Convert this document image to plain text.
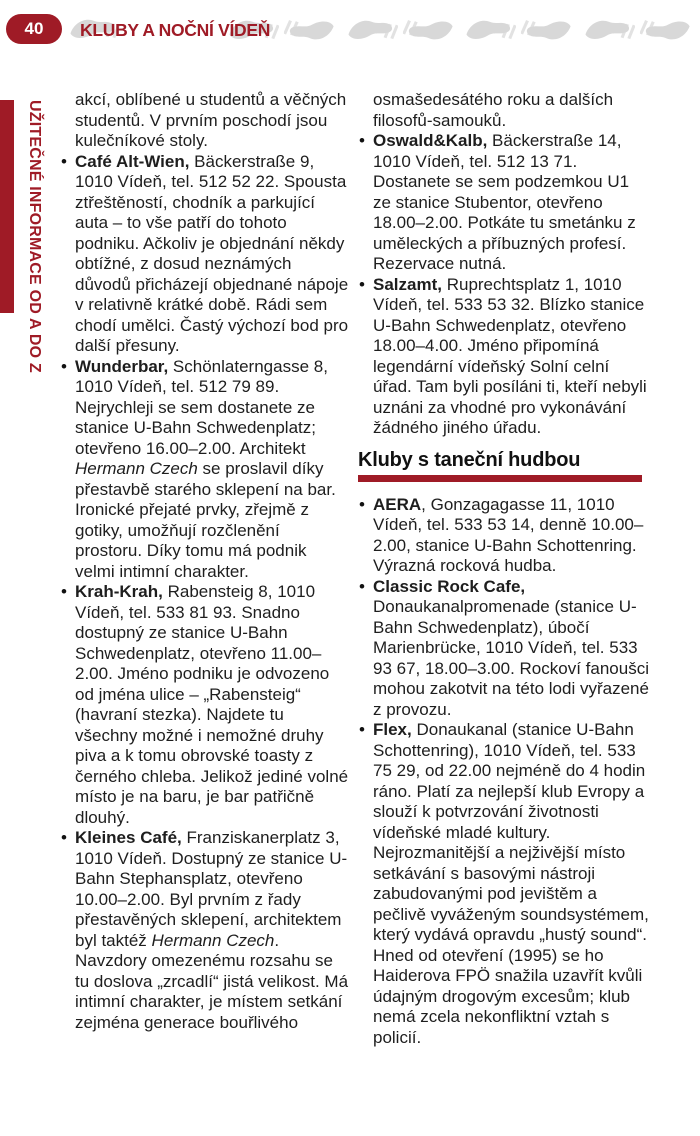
40 KLUBY A NOČNÍ VÍDEŇ
UŽITEČNÉ INFORMACE OD A DO Z

akcí, oblíbené u studentů a věčných studentů. V prvním poschodí jsou kulečníkové stoly.

• Café Alt-Wien, Bäckerstraße 9, 1010 Vídeň, tel. 512 52 22. Spousta ztřeštěností, chodník a parkující auta – to vše patří do tohoto podniku. Ačkoliv je objednání někdy obtížné, z dosud neznámých důvodů přicházejí objednané nápoje v relativně krátké době. Rádi sem chodí umělci. Častý výchozí bod pro další přesuny.

• Wunderbar, Schönlaterngasse 8, 1010 Vídeň, tel. 512 79 89. Nejrychleji se sem dostanete ze stanice U-Bahn Schwedenplatz; otevřeno 16.00–2.00. Architekt Hermann Czech se proslavil díky přestavbě starého sklepení na bar. Ironické přejaté prvky, zřejmě z gotiky, umožňují rozčlenění prostoru. Díky tomu má podnik velmi intimní charakter.

• Krah-Krah, Rabensteig 8, 1010 Vídeň, tel. 533 81 93. Snadno dostupný ze stanice U-Bahn Schwedenplatz, otevřeno 11.00–2.00. Jméno podniku je odvozeno od jména ulice – „Rabensteig“ (havraní stezka). Najdete tu všechny možné i nemožné druhy piva a k tomu obrovské toasty z černého chleba. Jelikož jediné volné místo je na baru, je bar patřičně dlouhý.

• Kleines Café, Franziskanerplatz 3, 1010 Vídeň. Dostupný ze stanice U-Bahn Stephansplatz, otevřeno 10.00–2.00. Byl prvním z řady přestavěných sklepení, architektem byl taktéž Hermann Czech. Navzdory omezenému rozsahu se tu doslova „zrcadlí“ jistá velikost. Má intimní charakter, je místem setkání zejména generace bouřlivého

osmašedesátého roku a dalších filosofů-samouků.

• Oswald&Kalb, Bäckerstraße 14, 1010 Vídeň, tel. 512 13 71. Dostanete se sem podzemkou U1 ze stanice Stubentor, otevřeno 18.00–2.00. Potkáte tu smetánku z uměleckých a příbuzných profesí. Rezervace nutná.

• Salzamt, Ruprechtsplatz 1, 1010 Vídeň, tel. 533 53 32. Blízko stanice U-Bahn Schwedenplatz, otevřeno 18.00–4.00. Jméno připomíná legendární vídeňský Solní celní úřad. Tam byli posíláni ti, kteří nebyli uznáni za vhodné pro vykonávání žádného jiného úřadu.

Kluby s taneční hudbou

• AERA, Gonzagagasse 11, 1010 Vídeň, tel. 533 53 14, denně 10.00–2.00, stanice U-Bahn Schottenring. Výrazná rocková hudba.

• Classic Rock Cafe, Donaukanalpromenade (stanice U-Bahn Schwedenplatz), úbočí Marienbrücke, 1010 Vídeň, tel. 533 93 67, 18.00–3.00. Rockoví fanoušci mohou zakotvit na této lodi vyřazené z provozu.

• Flex, Donaukanal (stanice U-Bahn Schottenring), 1010 Vídeň, tel. 533 75 29, od 22.00 nejméně do 4 hodin ráno. Platí za nejlepší klub Evropy a slouží k potvrzování životnosti vídeňské mladé kultury. Nejrozmanitější a nejživější místo setkávání s basovými nástroji zabudovanými pod jevištěm a pečlivě vyváženým soundsystémem, který vydává opravdu „hustý sound“. Hned od otevření (1995) se ho Haiderova FPÖ snažila uzavřít kvůli údajným drogovým excesům; klub nemá zcela nekonfliktní vztah s policií.
